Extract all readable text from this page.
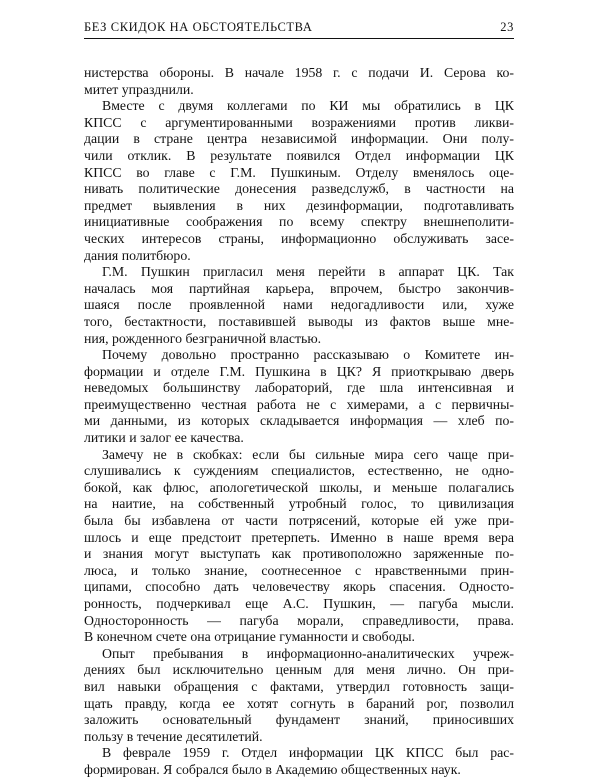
БЕЗ СКИДОК НА ОБСТОЯТЕЛЬСТВА	23
нистерства обороны. В начале 1958 г. с подачи И. Серова ко-
митет упразднили.
Вместе с двумя коллегами по КИ мы обратились в ЦК
КПСС с аргументированными возражениями против ликви-
дации в стране центра независимой информации. Они полу-
чили отклик. В результате появился Отдел информации ЦК
КПСС во главе с Г.М. Пушкиным. Отделу вменялось оце-
нивать политические донесения разведслужб, в частности на
предмет выявления в них дезинформации, подготавливать
инициативные соображения по всему спектру внешнеполити-
ческих интересов страны, информационно обслуживать засе-
дания политбюро.
Г.М. Пушкин пригласил меня перейти в аппарат ЦК. Так
началась моя партийная карьера, впрочем, быстро закончив-
шаяся после проявленной нами недогадливости или, хуже
того, бестактности, поставившей выводы из фактов выше мне-
ния, рожденного безграничной властью.
Почему довольно пространно рассказываю о Комитете ин-
формации и отделе Г.М. Пушкина в ЦК? Я приоткрываю дверь
неведомых большинству лабораторий, где шла интенсивная и
преимущественно честная работа не с химерами, а с первичны-
ми данными, из которых складывается информация — хлеб по-
литики и залог ее качества.
Замечу не в скобках: если бы сильные мира сего чаще при-
слушивались к суждениям специалистов, естественно, не одно-
бокой, как флюс, апологетической школы, и меньше полагались
на наитие, на собственный утробный голос, то цивилизация
была бы избавлена от части потрясений, которые ей уже при-
шлось и еще предстоит претерпеть. Именно в наше время вера
и знания могут выступать как противоположно заряженные по-
люса, и только знание, соотнесенное с нравственными прин-
ципами, способно дать человечеству якорь спасения. Односто-
ронность, подчеркивал еще А.С. Пушкин, — пагуба мысли.
Односторонность — пагуба морали, справедливости, права.
В конечном счете она отрицание гуманности и свободы.
Опыт пребывания в информационно-аналитических учреж-
дениях был исключительно ценным для меня лично. Он при-
вил навыки обращения с фактами, утвердил готовность защи-
щать правду, когда ее хотят согнуть в бараний рог, позволил
заложить основательный фундамент знаний, приносивших
пользу в течение десятилетий.
В феврале 1959 г. Отдел информации ЦК КПСС был рас-
формирован. Я собрался было в Академию общественных наук.
